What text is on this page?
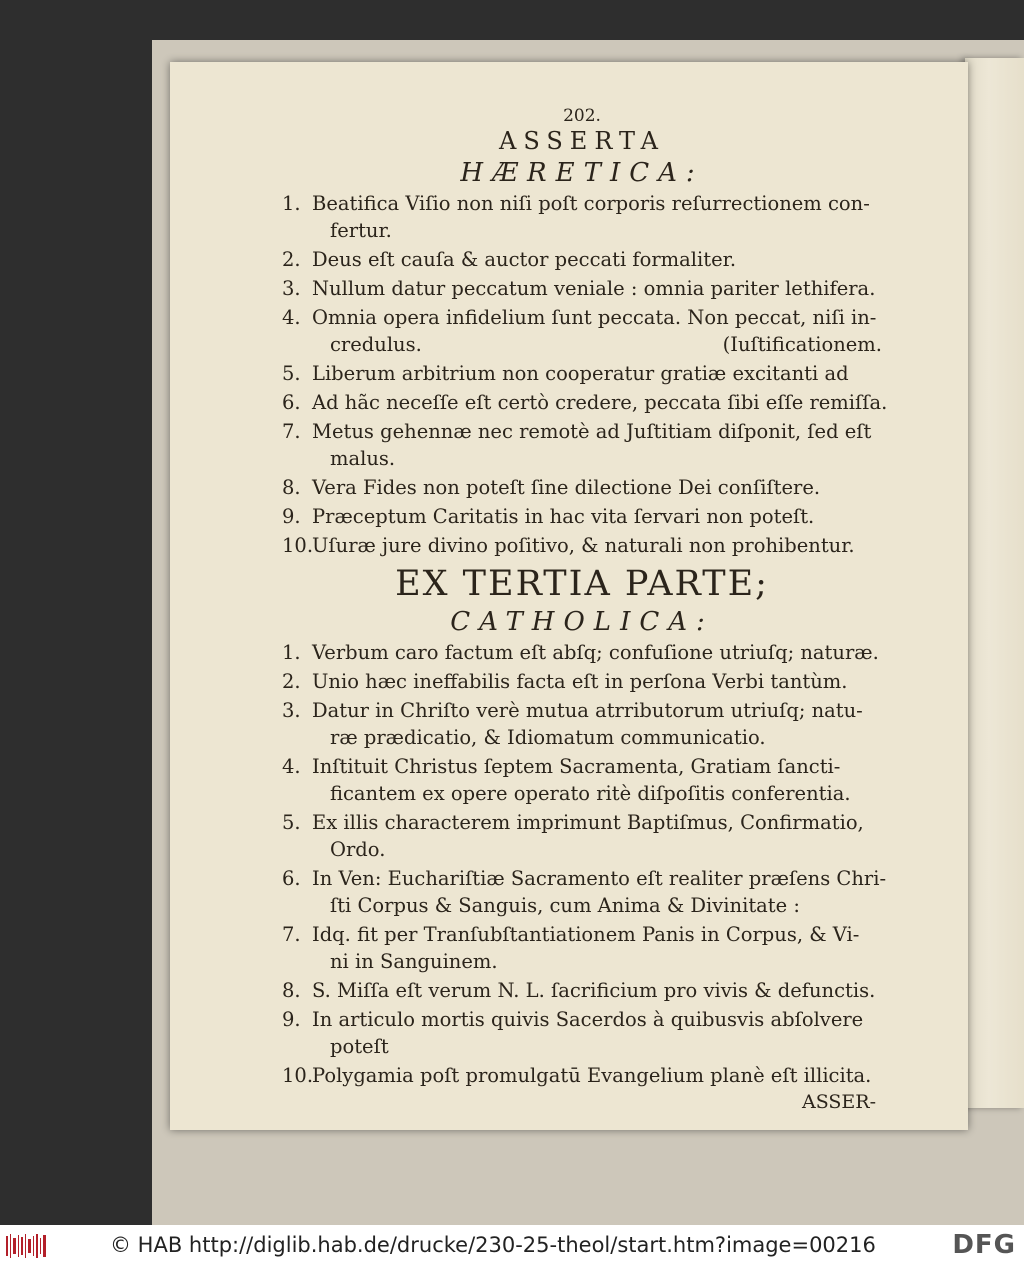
202.

ASSERTA
HÆRETICA:
1. Beatifica Viſio non niſi poſt corporis reſurrectionem con-
fertur.
2. Deus eſt cauſa & auctor peccati formaliter.
3. Nullum datur peccatum veniale : omnia pariter lethifera.
4. Omnia opera infidelium ſunt peccata. Non peccat, niſi in-
credulus.	(Iuſtificationem.
5. Liberum arbitrium non cooperatur gratiæ excitanti ad
6. Ad hãc neceſſe eſt certò credere, peccata ſibi eſſe remiſſa.
7. Metus gehennæ nec remotè ad Juſtitiam diſponit, ſed eſt
malus.
8. Vera Fides non poteſt ſine dilectione Dei conſiſtere.
9. Præceptum Caritatis in hac vita ſervari non poteſt.
10.
Uſuræ jure divino poſitivo, & naturali non prohibentur.
EX TERTIA PARTE;
CATHOLICA:
1. Verbum caro factum eſt abſq; confuſione utriuſq; naturæ.
2. Unio hæc ineffabilis facta eſt in perſona Verbi tantùm.
3. Datur in Chriſto verè mutua atrributorum utriuſq; natu-
ræ prædicatio, & Idiomatum communicatio.
4. Inſtituit Christus ſeptem Sacramenta, Gratiam ſancti-
ficantem ex opere operato ritè diſpoſitis conferentia.
5. Ex illis characterem imprimunt Baptiſmus, Confirmatio,
Ordo.
6. In Ven: Euchariſtiæ Sacramento eſt realiter præſens Chri-
ſti Corpus & Sanguis, cum Anima & Divinitate :
7. Idq. fit per Tranſubſtantiationem Panis in Corpus, & Vi-
ni in Sanguinem.
8. S. Miſſa eſt verum N. L. ſacrificium pro vivis & defunctis.
9. In articulo mortis quivis Sacerdos à quibusvis abſolvere
poteſt
10.
Polygamia poſt promulgatū Evangelium planè eſt illicita.

ASSER-

© HAB http://diglib.hab.de/drucke/230-25-theol/start.htm?image=00216	DFG
